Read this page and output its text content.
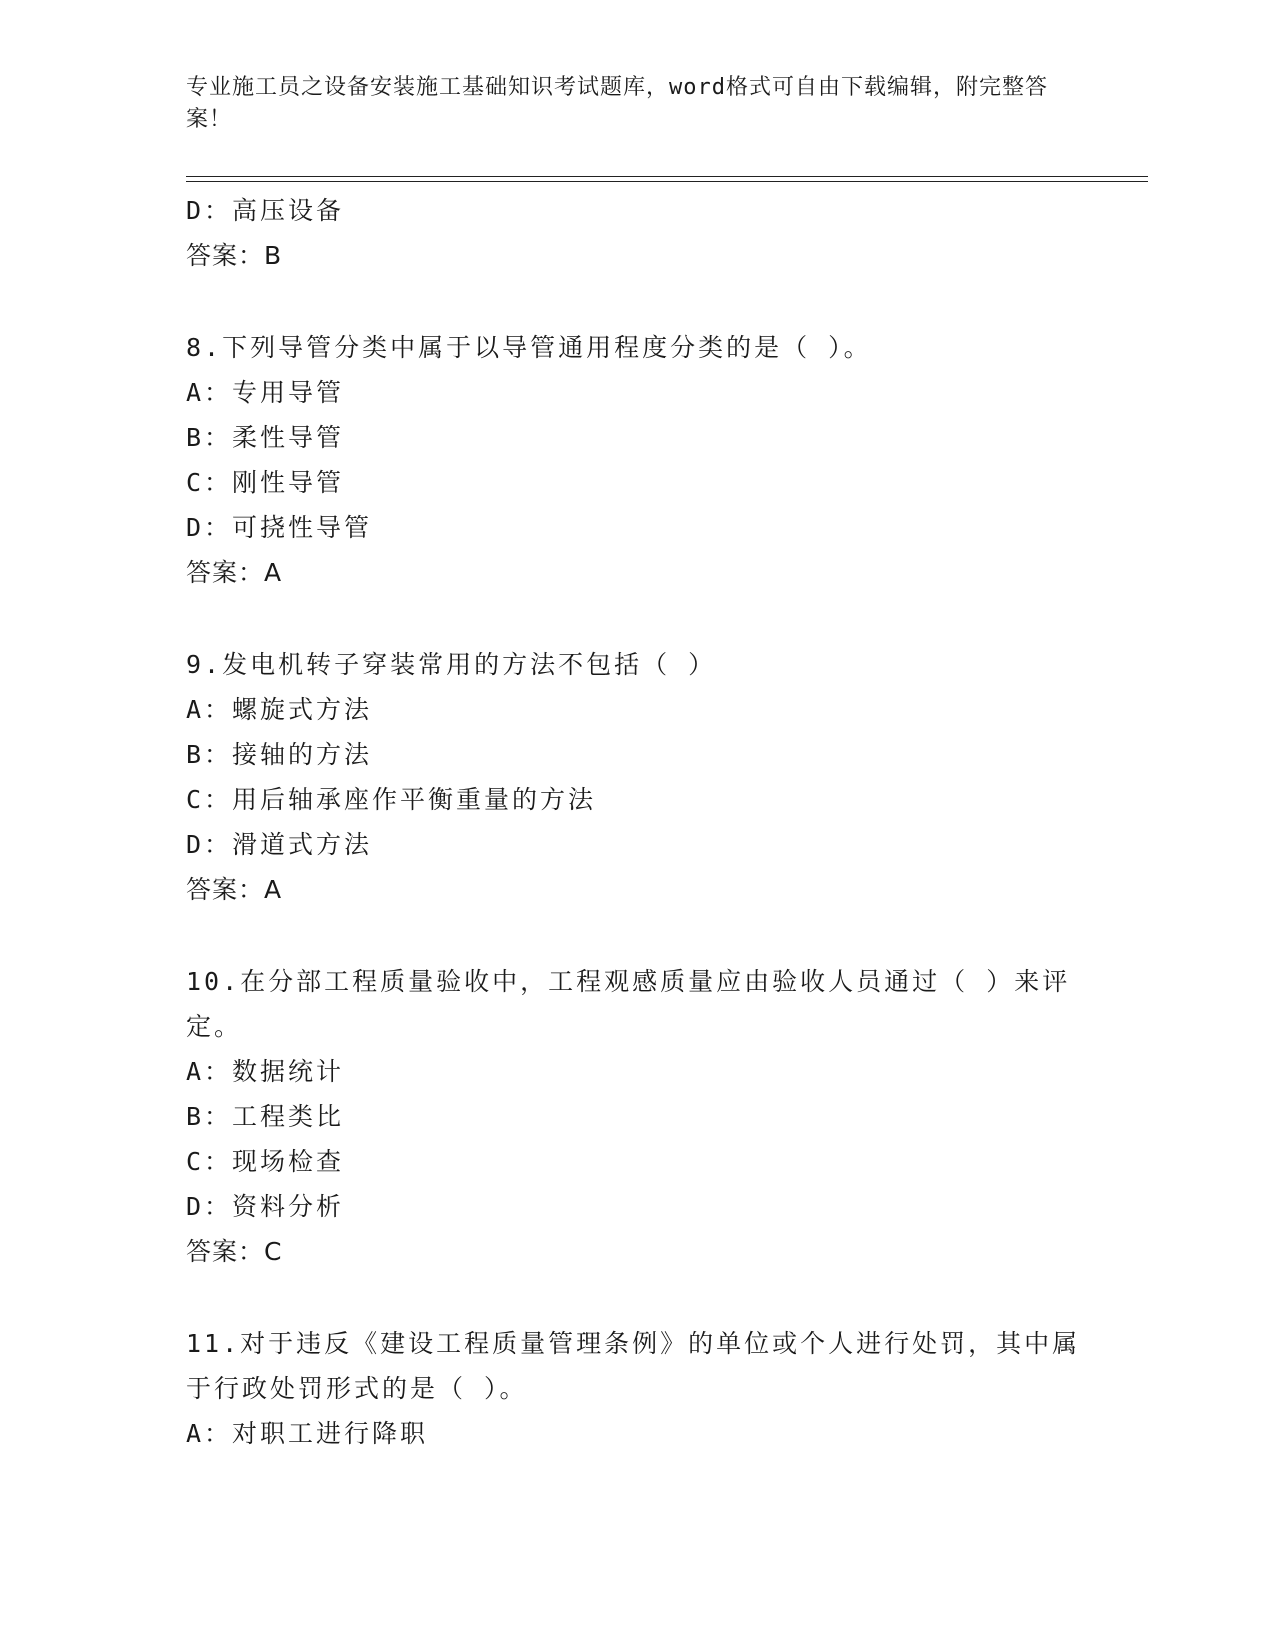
专业施工员之设备安装施工基础知识考试题库，word格式可自由下载编辑，附完整答案！
D：高压设备
答案：B
8.下列导管分类中属于以导管通用程度分类的是（ ）。
A：专用导管
B：柔性导管
C：刚性导管
D：可挠性导管
答案：A
9.发电机转子穿装常用的方法不包括（ ）
A：螺旋式方法
B：接轴的方法
C：用后轴承座作平衡重量的方法
D：滑道式方法
答案：A
10.在分部工程质量验收中，工程观感质量应由验收人员通过（ ）来评定。
A：数据统计
B：工程类比
C：现场检查
D：资料分析
答案：C
11.对于违反《建设工程质量管理条例》的单位或个人进行处罚，其中属于行政处罚形式的是（ ）。
A：对职工进行降职
